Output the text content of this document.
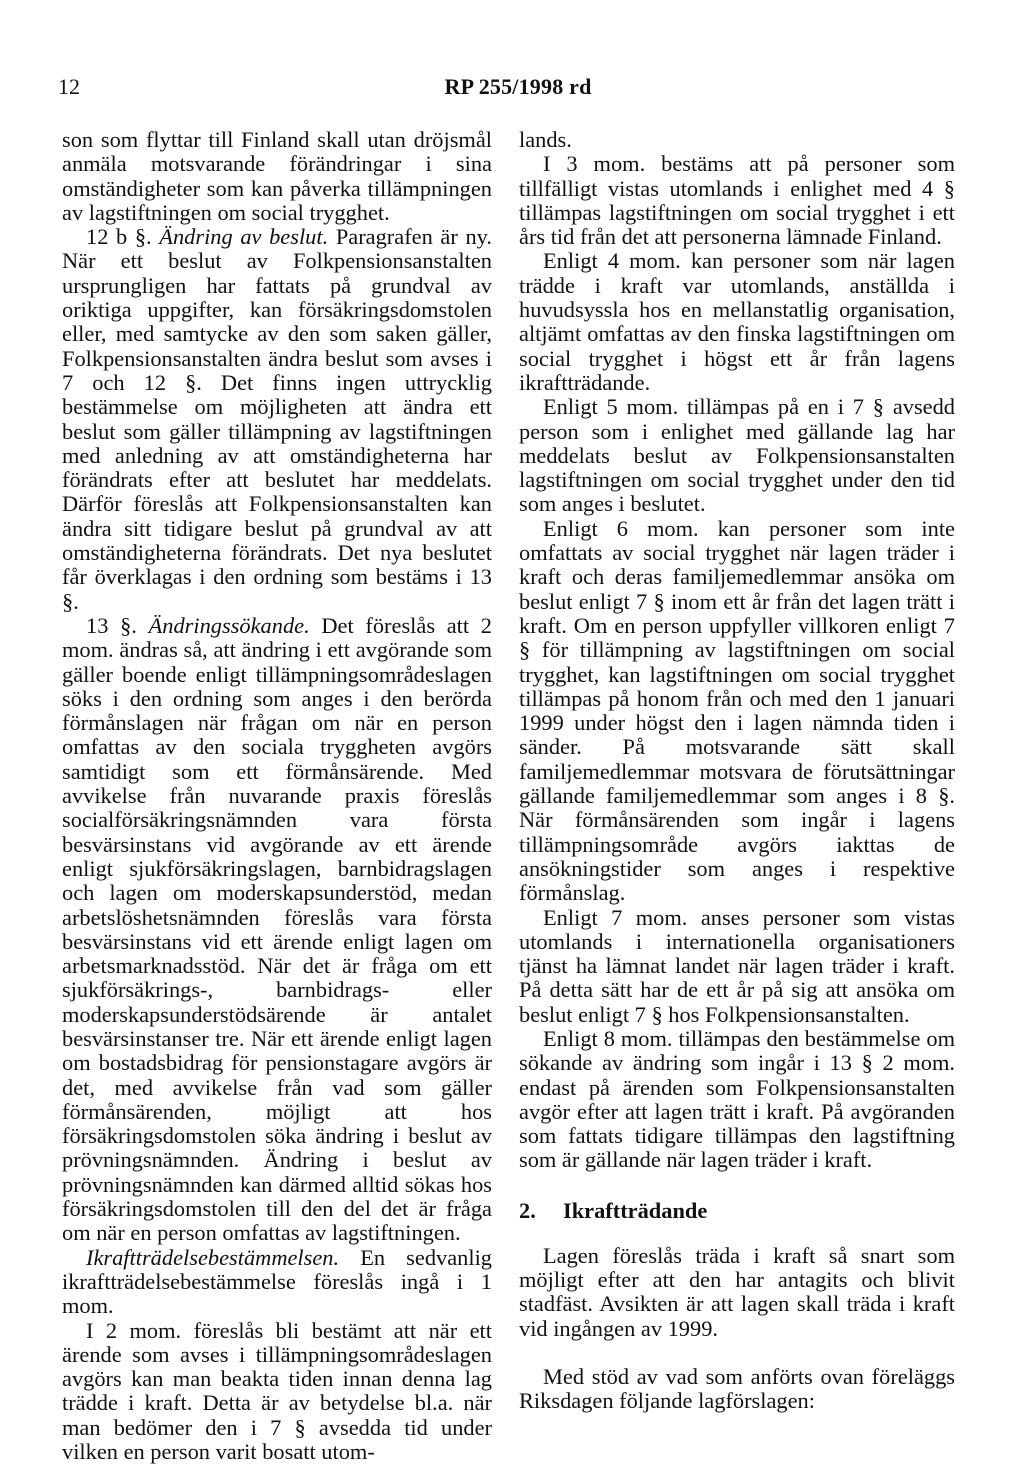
12	RP 255/1998 rd

son som flyttar till Finland skall utan dröjsmål anmäla motsvarande förändringar i sina omständigheter som kan påverka tillämpningen av lagstiftningen om social trygghet.

12 b §. Ändring av beslut. Paragrafen är ny. När ett beslut av Folkpensionsanstalten ursprungligen har fattats på grundval av oriktiga uppgifter, kan försäkringsdomstolen eller, med samtycke av den som saken gäller, Folkpensionsanstalten ändra beslut som avses i 7 och 12 §. Det finns ingen uttrycklig bestämmelse om möjligheten att ändra ett beslut som gäller tillämpning av lagstiftningen med anledning av att omständigheterna har förändrats efter att beslutet har meddelats. Därför föreslås att Folkpensionsanstalten kan ändra sitt tidigare beslut på grundval av att omständigheterna förändrats. Det nya beslutet får överklagas i den ordning som bestäms i 13 §.

13 §. Ändringssökande. Det föreslås att 2 mom. ändras så, att ändring i ett avgörande som gäller boende enligt tillämpningsområdeslagen söks i den ordning som anges i den berörda förmånslagen när frågan om när en person omfattas av den sociala tryggheten avgörs samtidigt som ett förmånsärende. Med avvikelse från nuvarande praxis föreslås socialförsäkringsnämnden vara första besvärsinstans vid avgörande av ett ärende enligt sjukförsäkringslagen, barnbidragslagen och lagen om moderskapsunderstöd, medan arbetslöshetsnämnden föreslås vara första besvärsinstans vid ett ärende enligt lagen om arbetsmarknadsstöd. När det är fråga om ett sjukförsäkrings-, barnbidrags- eller moderskapsunderstödsärende är antalet besvärsinstanser tre. När ett ärende enligt lagen om bostadsbidrag för pensionstagare avgörs är det, med avvikelse från vad som gäller förmånsärenden, möjligt att hos försäkringsdomstolen söka ändring i beslut av prövningsnämnden. Ändring i beslut av prövningsnämnden kan därmed alltid sökas hos försäkringsdomstolen till den del det är fråga om när en person omfattas av lagstiftningen.

Ikraftträdelsebestämmelsen. En sedvanlig ikraftträdelsebestämmelse föreslås ingå i 1 mom.

I 2 mom. föreslås bli bestämt att när ett ärende som avses i tillämpningsområdeslagen avgörs kan man beakta tiden innan denna lag trädde i kraft. Detta är av betydelse bl.a. när man bedömer den i 7 § avsedda tid under vilken en person varit bosatt utom-

lands.

I 3 mom. bestäms att på personer som tillfälligt vistas utomlands i enlighet med 4 § tillämpas lagstiftningen om social trygghet i ett års tid från det att personerna lämnade Finland.

Enligt 4 mom. kan personer som när lagen trädde i kraft var utomlands, anställda i huvudsyssla hos en mellanstatlig organisation, altjämt omfattas av den finska lagstiftningen om social trygghet i högst ett år från lagens ikraftträdande.

Enligt 5 mom. tillämpas på en i 7 § avsedd person som i enlighet med gällande lag har meddelats beslut av Folkpensionsanstalten lagstiftningen om social trygghet under den tid som anges i beslutet.

Enligt 6 mom. kan personer som inte omfattats av social trygghet när lagen träder i kraft och deras familjemedlemmar ansöka om beslut enligt 7 § inom ett år från det lagen trätt i kraft. Om en person uppfyller villkoren enligt 7 § för tillämpning av lagstiftningen om social trygghet, kan lagstiftningen om social trygghet tillämpas på honom från och med den 1 januari 1999 under högst den i lagen nämnda tiden i sänder. På motsvarande sätt skall familjemedlemmar motsvara de förutsättningar gällande familjemedlemmar som anges i 8 §. När förmånsärenden som ingår i lagens tillämpningsområde avgörs iakttas de ansökningstider som anges i respektive förmånslag.

Enligt 7 mom. anses personer som vistas utomlands i internationella organisationers tjänst ha lämnat landet när lagen träder i kraft. På detta sätt har de ett år på sig att ansöka om beslut enligt 7 § hos Folkpensionsanstalten.

Enligt 8 mom. tillämpas den bestämmelse om sökande av ändring som ingår i 13 § 2 mom. endast på ärenden som Folkpensionsanstalten avgör efter att lagen trätt i kraft. På avgöranden som fattats tidigare tillämpas den lagstiftning som är gällande när lagen träder i kraft.

2. Ikraftträdande

Lagen föreslås träda i kraft så snart som möjligt efter att den har antagits och blivit stadfäst. Avsikten är att lagen skall träda i kraft vid ingången av 1999.

Med stöd av vad som anförts ovan föreläggs Riksdagen följande lagförslagen:
